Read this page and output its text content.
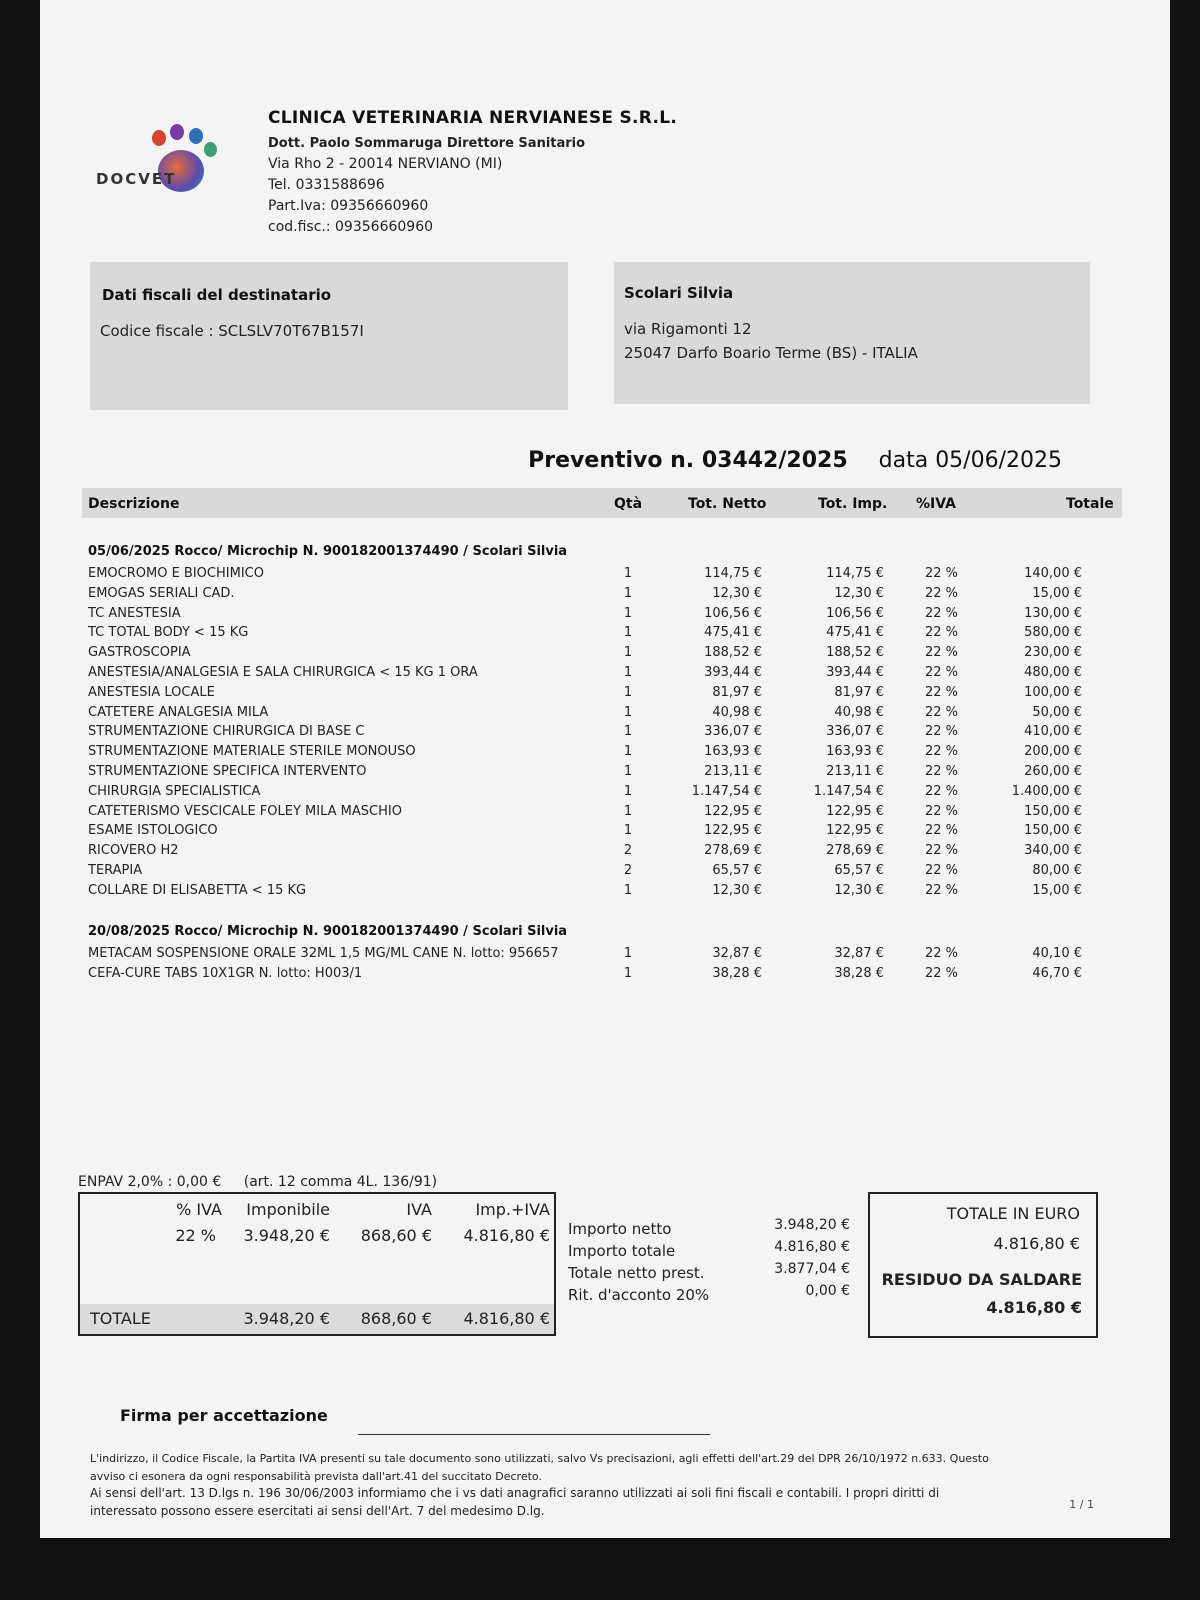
DOCVET
CLINICA VETERINARIA NERVIANESE S.R.L.
Dott. Paolo Sommaruga Direttore Sanitario
Via Rho 2 - 20014 NERVIANO (MI)
Tel. 0331588696
Part.Iva: 09356660960
cod.fisc.: 09356660960
Dati fiscali del destinatario
Codice fiscale : SCLSLV70T67B157I
Scolari Silvia
via Rigamonti 12
25047 Darfo Boario Terme (BS) - ITALIA
Preventivo n. 03442/2025 data 05/06/2025
Descrizione	Qtà	Tot. Netto	Tot. Imp. %IVA	Totale
05/06/2025 Rocco/ Microchip N. 900182001374490 / Scolari Silvia
EMOCROMO E BIOCHIMICO	1	114,75 €	114,75 €	22 %	140,00 €
EMOGAS SERIALI CAD.	1	12,30 €	12,30 €	22 %	15,00 €
TC ANESTESIA	1	106,56 €	106,56 €	22 %	130,00 €
TC TOTAL BODY < 15 KG	1	475,41 €	475,41 €	22 %	580,00 €
GASTROSCOPIA	1	188,52 €	188,52 €	22 %	230,00 €
ANESTESIA/ANALGESIA E SALA CHIRURGICA < 15 KG 1 ORA	1	393,44 €	393,44 €	22 %	480,00 €
ANESTESIA LOCALE	1	81,97 €	81,97 €	22 %	100,00 €
CATETERE ANALGESIA MILA	1	40,98 €	40,98 €	22 %	50,00 €
STRUMENTAZIONE CHIRURGICA DI BASE C	1	336,07 €	336,07 €	22 %	410,00 €
STRUMENTAZIONE MATERIALE STERILE MONOUSO	1	163,93 €	163,93 €	22 %	200,00 €
STRUMENTAZIONE SPECIFICA INTERVENTO	1	213,11 €	213,11 €	22 %	260,00 €
CHIRURGIA SPECIALISTICA	1	1.147,54 €	1.147,54 €	22 %	1.400,00 €
CATETERISMO VESCICALE FOLEY MILA MASCHIO	1	122,95 €	122,95 €	22 %	150,00 €
ESAME ISTOLOGICO	1	122,95 €	122,95 €	22 %	150,00 €
RICOVERO H2	2	278,69 €	278,69 €	22 %	340,00 €
TERAPIA	2	65,57 €	65,57 €	22 %	80,00 €
COLLARE DI ELISABETTA < 15 KG	1	12,30 €	12,30 €	22 %	15,00 €
20/08/2025 Rocco/ Microchip N. 900182001374490 / Scolari Silvia
METACAM SOSPENSIONE ORALE 32ML 1,5 MG/ML CANE N. lotto: 956657	1	32,87 €	32,87 €	22 %	40,10 €
CEFA-CURE TABS 10X1GR N. lotto: H003/1	1	38,28 €	38,28 €	22 %	46,70 €
ENPAV 2,0% : 0,00 € (art. 12 comma 4L. 136/91)
% IVA	Imponibile	IVA	Imp.+IVA
22 % 3.948,20 €	868,60 €	4.816,80 €
TOTALE	3.948,20 €	868,60 €	4.816,80 €
Importo netto	3.948,20 €
Importo totale	4.816,80 €
Totale netto prest.	3.877,04 €
Rit. d'acconto 20%	0,00 €
TOTALE IN EURO
4.816,80 €
RESIDUO DA SALDARE
4.816,80 €
Firma per accettazione
L'indirizzo, il Codice Fiscale, la Partita IVA presenti su tale documento sono utilizzati, salvo Vs precisazioni, agli effetti dell'art.29 del DPR 26/10/1972 n.633. Questo
avviso ci esonera da ogni responsabilità prevista dall'art.41 del succitato Decreto.
Ai sensi dell'art. 13 D.lgs n. 196 30/06/2003 informiamo che i vs dati anagrafici saranno utilizzati ai soli fini fiscali e contabili. I propri diritti di
interessato possono essere esercitati ai sensi dell'Art. 7 del medesimo D.lg.	1 / 1
